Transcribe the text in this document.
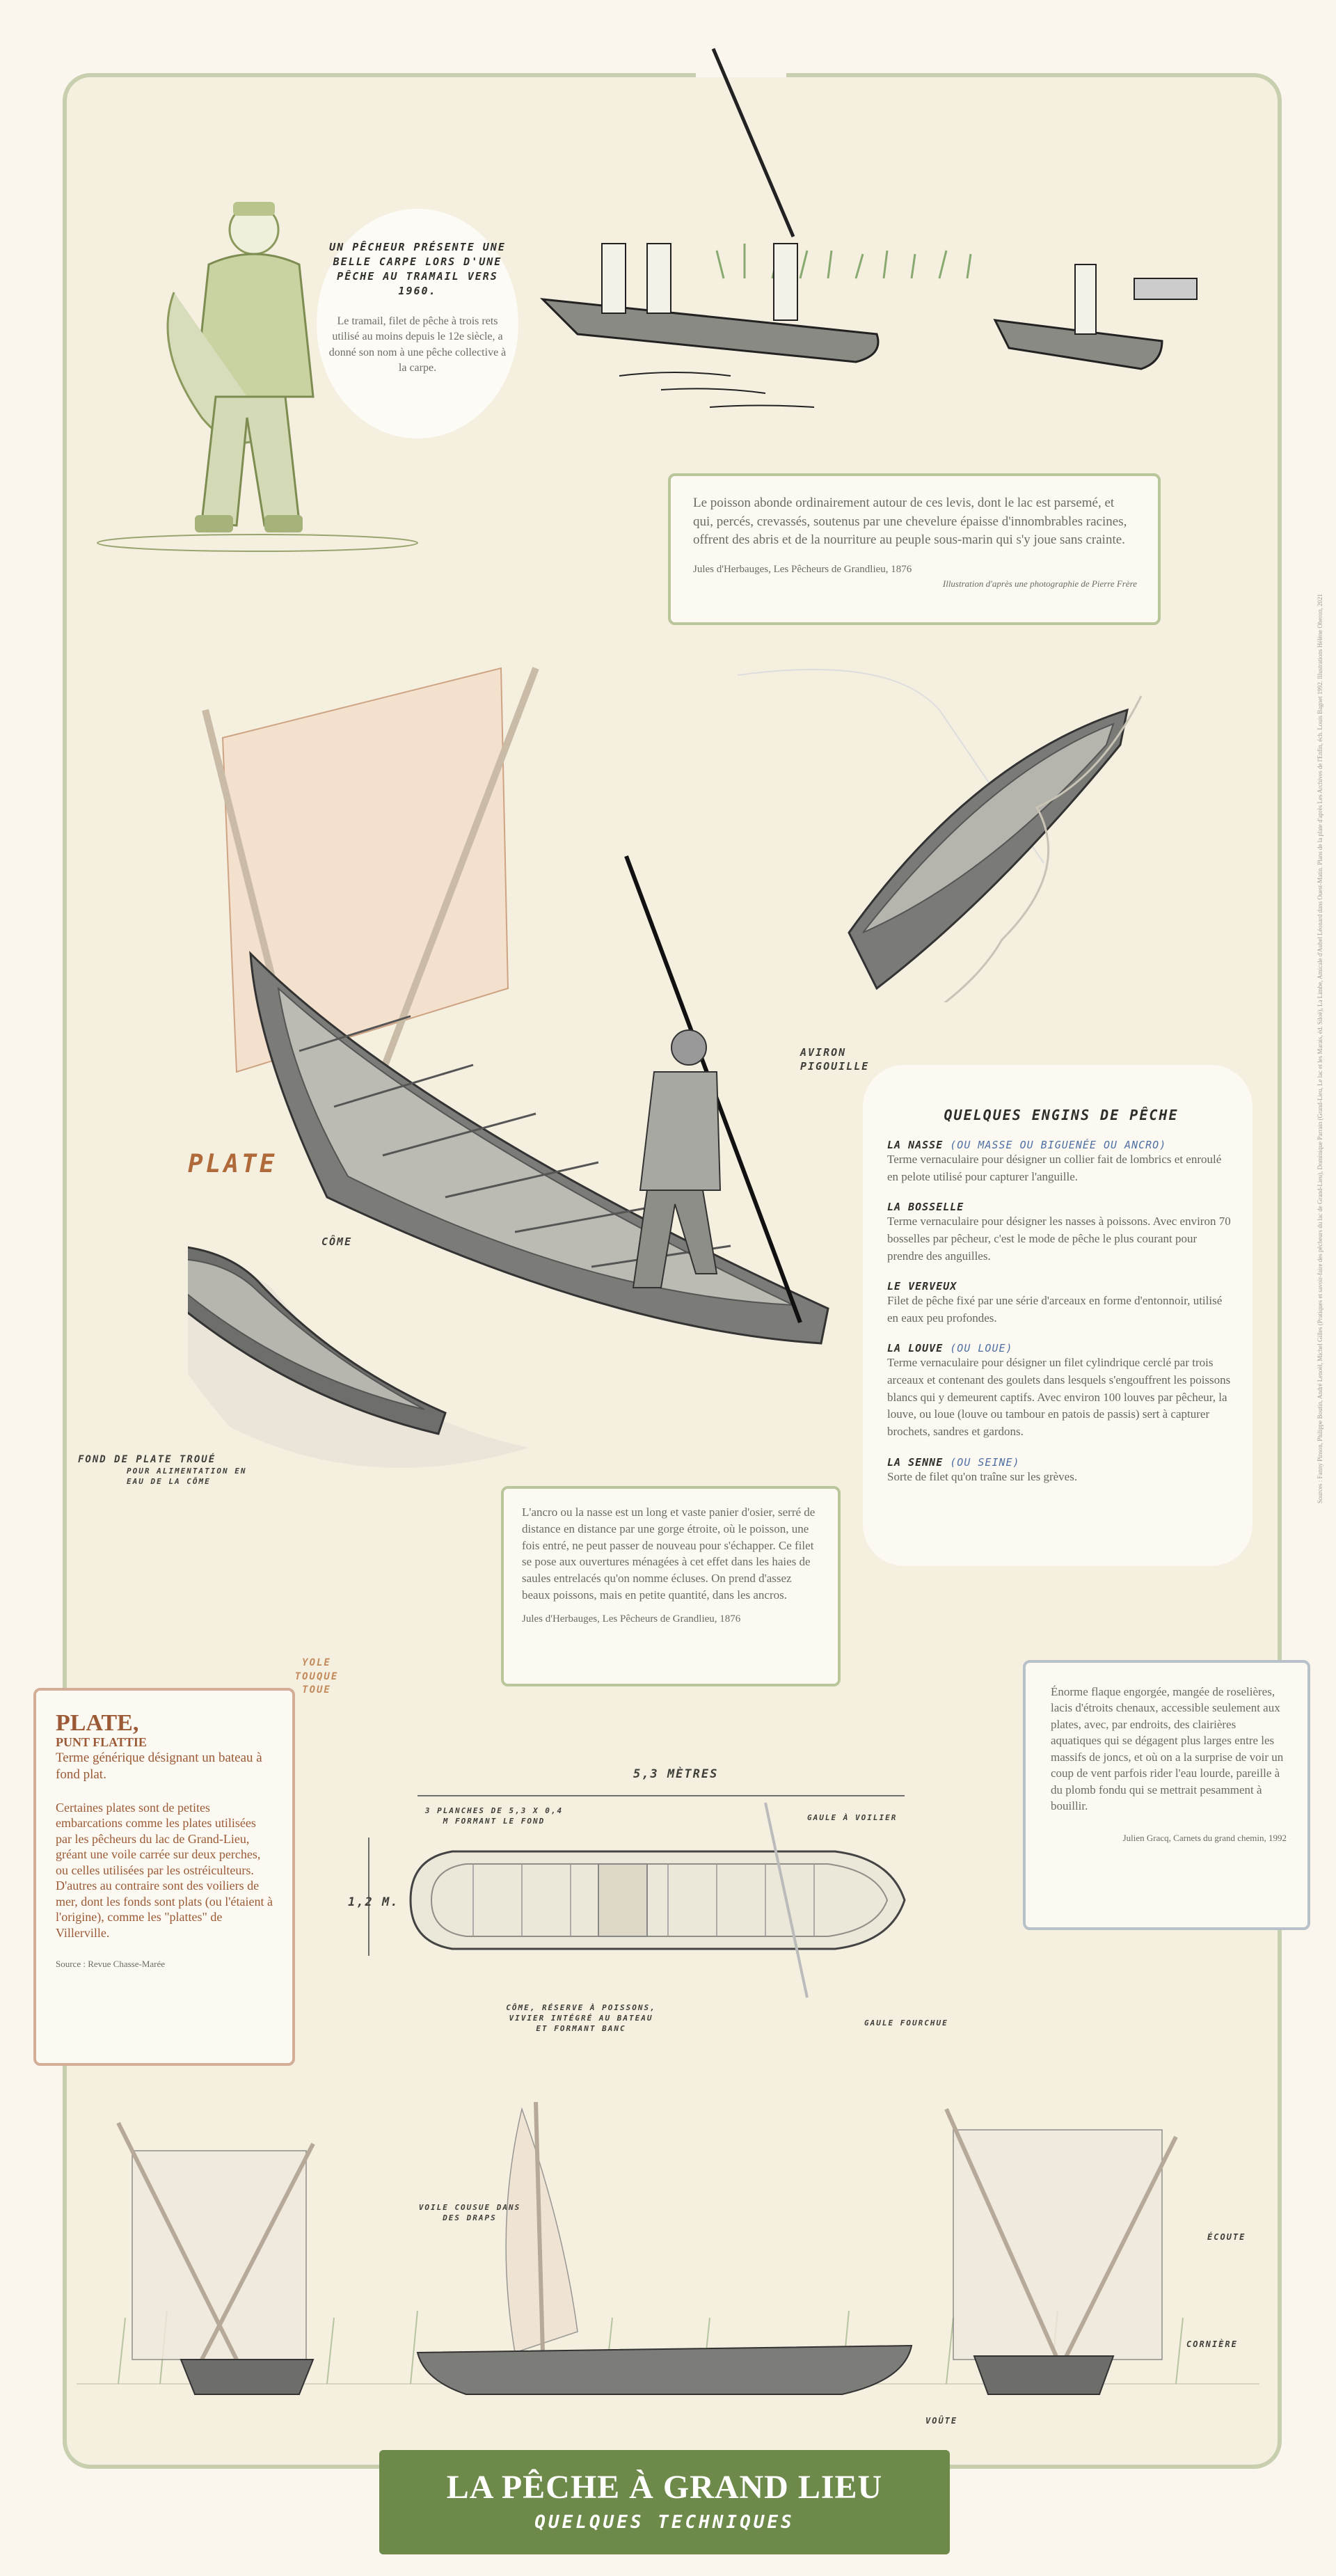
UN PÊCHEUR PRÉSENTE UNE BELLE CARPE LORS D'UNE PÊCHE AU TRAMAIL VERS 1960.
Le tramail, filet de pêche à trois rets utilisé au moins depuis le 12e siècle, a donné son nom à une pêche collective à la carpe.

Le poisson abonde ordinairement autour de ces levis, dont le lac est parsemé, et qui, percés, crevassés, soutenus par une chevelure épaisse d'innombrables racines, offrent des abris et de la nourriture au peuple sous-marin qui s'y joue sans crainte.

Jules d'Herbauges, Les Pêcheurs de Grandlieu, 1876

Illustration d'après une photographie de Pierre Frère

PLATE
AVIRON PIGOUILLE
CÔME
FOND DE PLATE TROUÉ
POUR ALIMENTATION EN EAU DE LA CÔME
QUELQUES ENGINS DE PÊCHE
LA NASSE (OU MASSE OU BIGUENÉE OU ANCRO)
Terme vernaculaire pour désigner un collier fait de lombrics et enroulé en pelote utilisé pour capturer l'anguille.
LA BOSSELLE
Terme vernaculaire pour désigner les nasses à poissons. Avec environ 70 bosselles par pêcheur, c'est le mode de pêche le plus courant pour prendre des anguilles.
LE VERVEUX
Filet de pêche fixé par une série d'arceaux en forme d'entonnoir, utilisé en eaux peu profondes.
LA LOUVE (OU LOUE)
Terme vernaculaire pour désigner un filet cylindrique cerclé par trois arceaux et contenant des goulets dans lesquels s'engouffrent les poissons blancs qui y demeurent captifs. Avec environ 100 louves par pêcheur, la louve, ou loue (louve ou tambour en patois de passis) sert à capturer brochets, sandres et gardons.
LA SENNE (OU SEINE)
Sorte de filet qu'on traîne sur les grèves.

L'ancro ou la nasse est un long et vaste panier d'osier, serré de distance en distance par une gorge étroite, où le poisson, une fois entré, ne peut passer de nouveau pour s'échapper. Ce filet se pose aux ouvertures ménagées à cet effet dans les haies de saules entrelacés qu'on nomme écluses. On prend d'assez beaux poissons, mais en petite quantité, dans les ancros.

Jules d'Herbauges, Les Pêcheurs de Grandlieu, 1876

YOLE TOUQUE TOUE
PLATE,
PUNT FLATTIE
Terme générique désignant un bateau à fond plat.
Certaines plates sont de petites embarcations comme les plates utilisées par les pêcheurs du lac de Grand-Lieu, gréant une voile carrée sur deux perches, ou celles utilisées par les ostréiculteurs. D'autres au contraire sont des voiliers de mer, dont les fonds sont plats (ou l'étaient à l'origine), comme les "plattes" de Villerville.
Source : Revue Chasse-Marée

Énorme flaque engorgée, mangée de roselières, lacis d'étroits chenaux, accessible seulement aux plates, avec, par endroits, des clairières aquatiques qui se dégagent plus larges entre les massifs de joncs, et où on a la surprise de voir un coup de vent parfois rider l'eau lourde, pareille à du plomb fondu qui se mettrait pesamment à bouillir.

Julien Gracq, Carnets du grand chemin, 1992

5,3 MÈTRES
1,2 M.
3 PLANCHES DE 5,3 X 0,4 M FORMANT LE FOND	GAULE À VOILIER
CÔME, RÉSERVE À POISSONS, VIVIER INTÉGRÉ AU BATEAU ET FORMANT BANC
GAULE FOURCHUE
VOILE COUSUE DANS DES DRAPS
ÉCOUTE
CORNIÈRE
VOÛTE
LA PÊCHE À GRAND LIEU
QUELQUES TECHNIQUES
Sources : Fanny Pinson, Philippe Boutin, André Lenoël, Michel Gilles (Pratiques et savoir-faire des pêcheurs du lac de Grand-Lieu), Dominique Parrain (Grand-Lieu, Le lac et les Marais, éd. Siloë), La Limbe, Amicale d'Aubel Léonard dans Ouest-Matin. Plans de la plate d'après Les Archives de l'Enfin, éch. Louis Bagnet 1992. Illustrations Hélène Oberon, 2021
